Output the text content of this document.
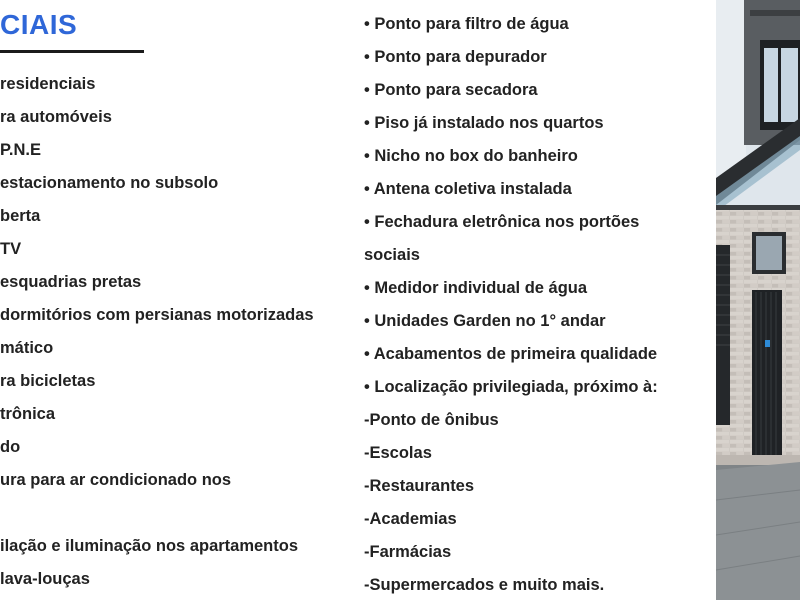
CIAIS
residenciais
ra automóveis
P.N.E
estacionamento no subsolo
berta
TV
esquadrias pretas
dormitórios com persianas motorizadas
mático
ra bicicletas
trônica
do
ura para ar condicionado nos
ilação e iluminação nos apartamentos
lava-louças
• Ponto para filtro de água
• Ponto para depurador
• Ponto para secadora
• Piso já instalado nos quartos
• Nicho no box do banheiro
• Antena coletiva instalada
• Fechadura eletrônica nos portões
sociais
• Medidor individual de água
• Unidades Garden no 1° andar
• Acabamentos de primeira qualidade
• Localização privilegiada, próximo à:
-Ponto de ônibus
-Escolas
-Restaurantes
-Academias
-Farmácias
-Supermercados e muito mais.
